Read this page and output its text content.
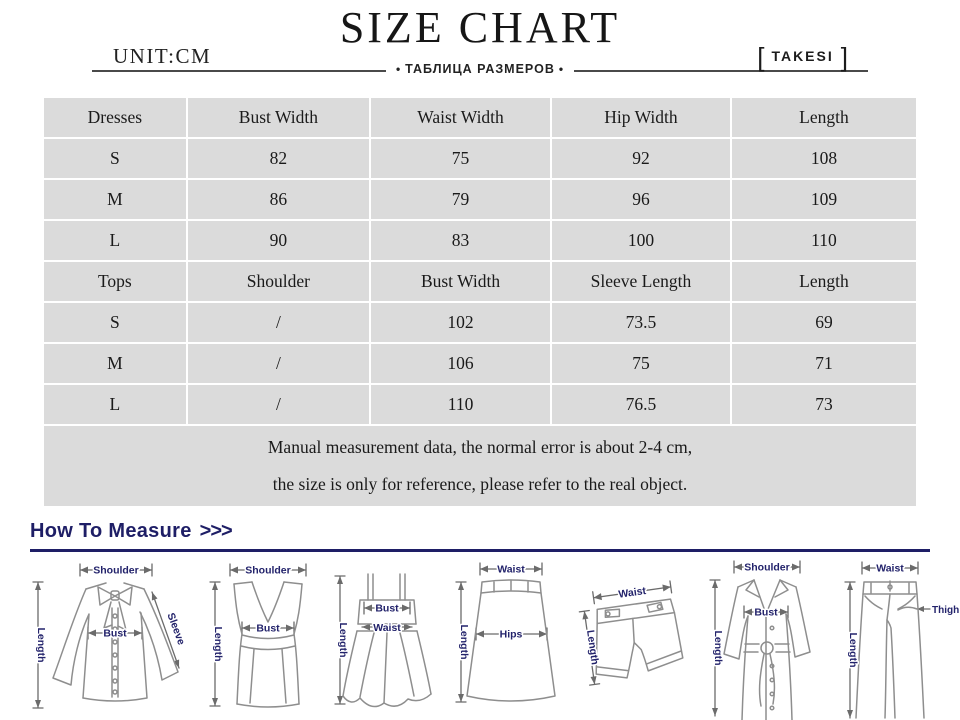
SIZE CHART
UNIT:CM
• ТАБЛИЦА РАЗМЕРОВ •	[ TAKESI ]
Dresses	Bust Width	Waist Width	Hip Width	Length
S	82	75	92	108
M	86	79	96	109
L	90	83	100	110
Tops	Shoulder	Bust Width	Sleeve Length	Length
S	/	102	73.5	69
M	/	106	75	71
L	/	110	76.5	73

Manual measurement data, the normal error is about 2-4 cm,
the size is only for reference, please refer to the real object.				
How To Measure >>>
Shoulder
Length	Bust	Sleeve
Shoulder
Length	Bust	Length
Bust
Waist
Waist
Length	Hips
Waist
Length
Shoulder
Length
Bust
Waist
Length
Thigh
